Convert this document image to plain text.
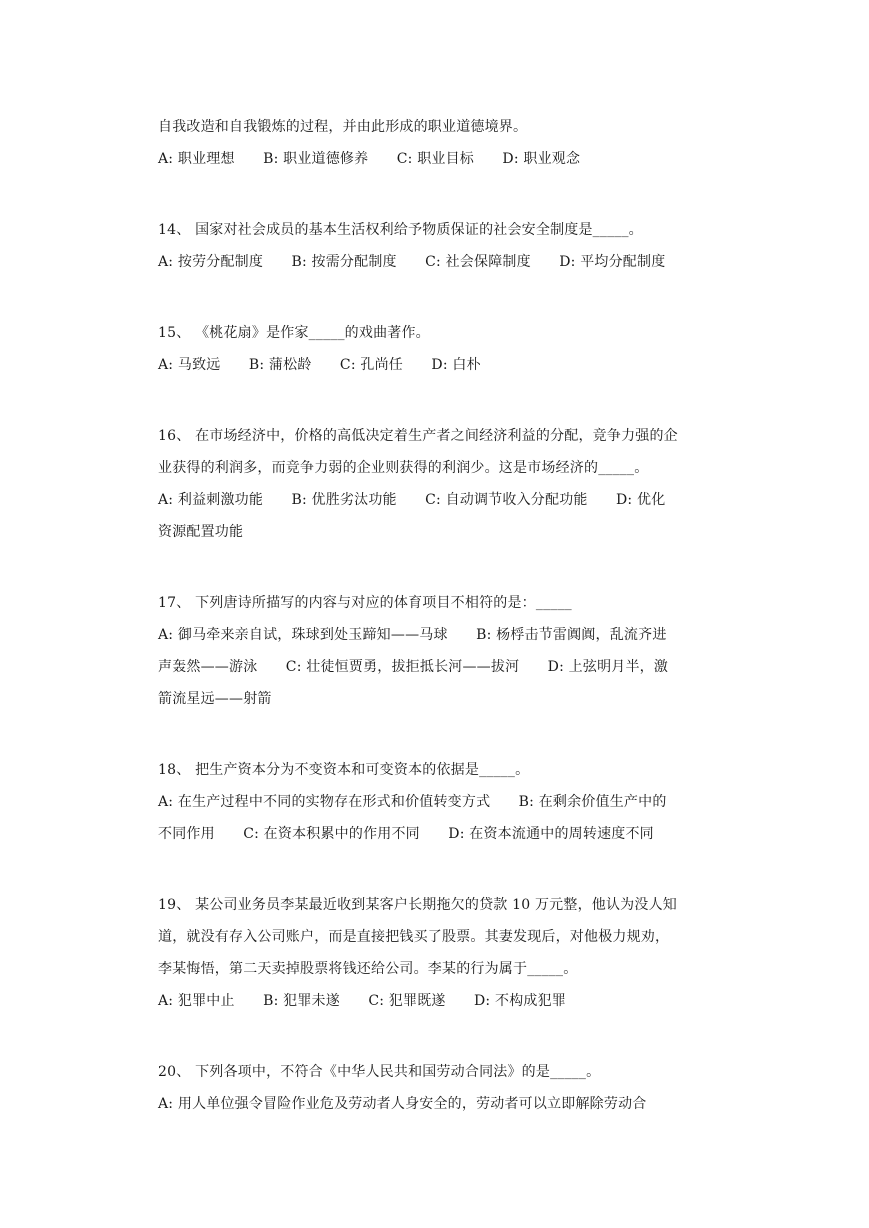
自我改造和自我锻炼的过程，并由此形成的职业道德境界。
A: 职业理想　　B: 职业道德修养　　C: 职业目标　　D: 职业观念
14、 国家对社会成员的基本生活权利给予物质保证的社会安全制度是_____。
A: 按劳分配制度　　B: 按需分配制度　　C: 社会保障制度　　D: 平均分配制度
15、 《桃花扇》是作家_____的戏曲著作。
A: 马致远　　B: 蒲松龄　　C: 孔尚任　　D: 白朴
16、 在市场经济中，价格的高低决定着生产者之间经济利益的分配，竞争力强的企
业获得的利润多，而竞争力弱的企业则获得的利润少。这是市场经济的_____。
A: 利益刺激功能　　B: 优胜劣汰功能　　C: 自动调节收入分配功能　　D: 优化
资源配置功能
17、 下列唐诗所描写的内容与对应的体育项目不相符的是：_____
A: 御马牵来亲自试，珠球到处玉蹄知——马球　　B: 杨桴击节雷阗阗，乱流齐进
声轰然——游泳　　C: 壮徒恒贾勇，拔拒抵长河——拔河　　D: 上弦明月半，激
箭流星远——射箭
18、 把生产资本分为不变资本和可变资本的依据是_____。
A: 在生产过程中不同的实物存在形式和价值转变方式　　B: 在剩余价值生产中的
不同作用　　C: 在资本积累中的作用不同　　D: 在资本流通中的周转速度不同
19、 某公司业务员李某最近收到某客户长期拖欠的贷款 10 万元整，他认为没人知
道，就没有存入公司账户，而是直接把钱买了股票。其妻发现后，对他极力规劝，
李某悔悟，第二天卖掉股票将钱还给公司。李某的行为属于_____。
A: 犯罪中止　　B: 犯罪未遂　　C: 犯罪既遂　　D: 不构成犯罪
20、 下列各项中，不符合《中华人民共和国劳动合同法》的是_____。
A: 用人单位强令冒险作业危及劳动者人身安全的，劳动者可以立即解除劳动合
